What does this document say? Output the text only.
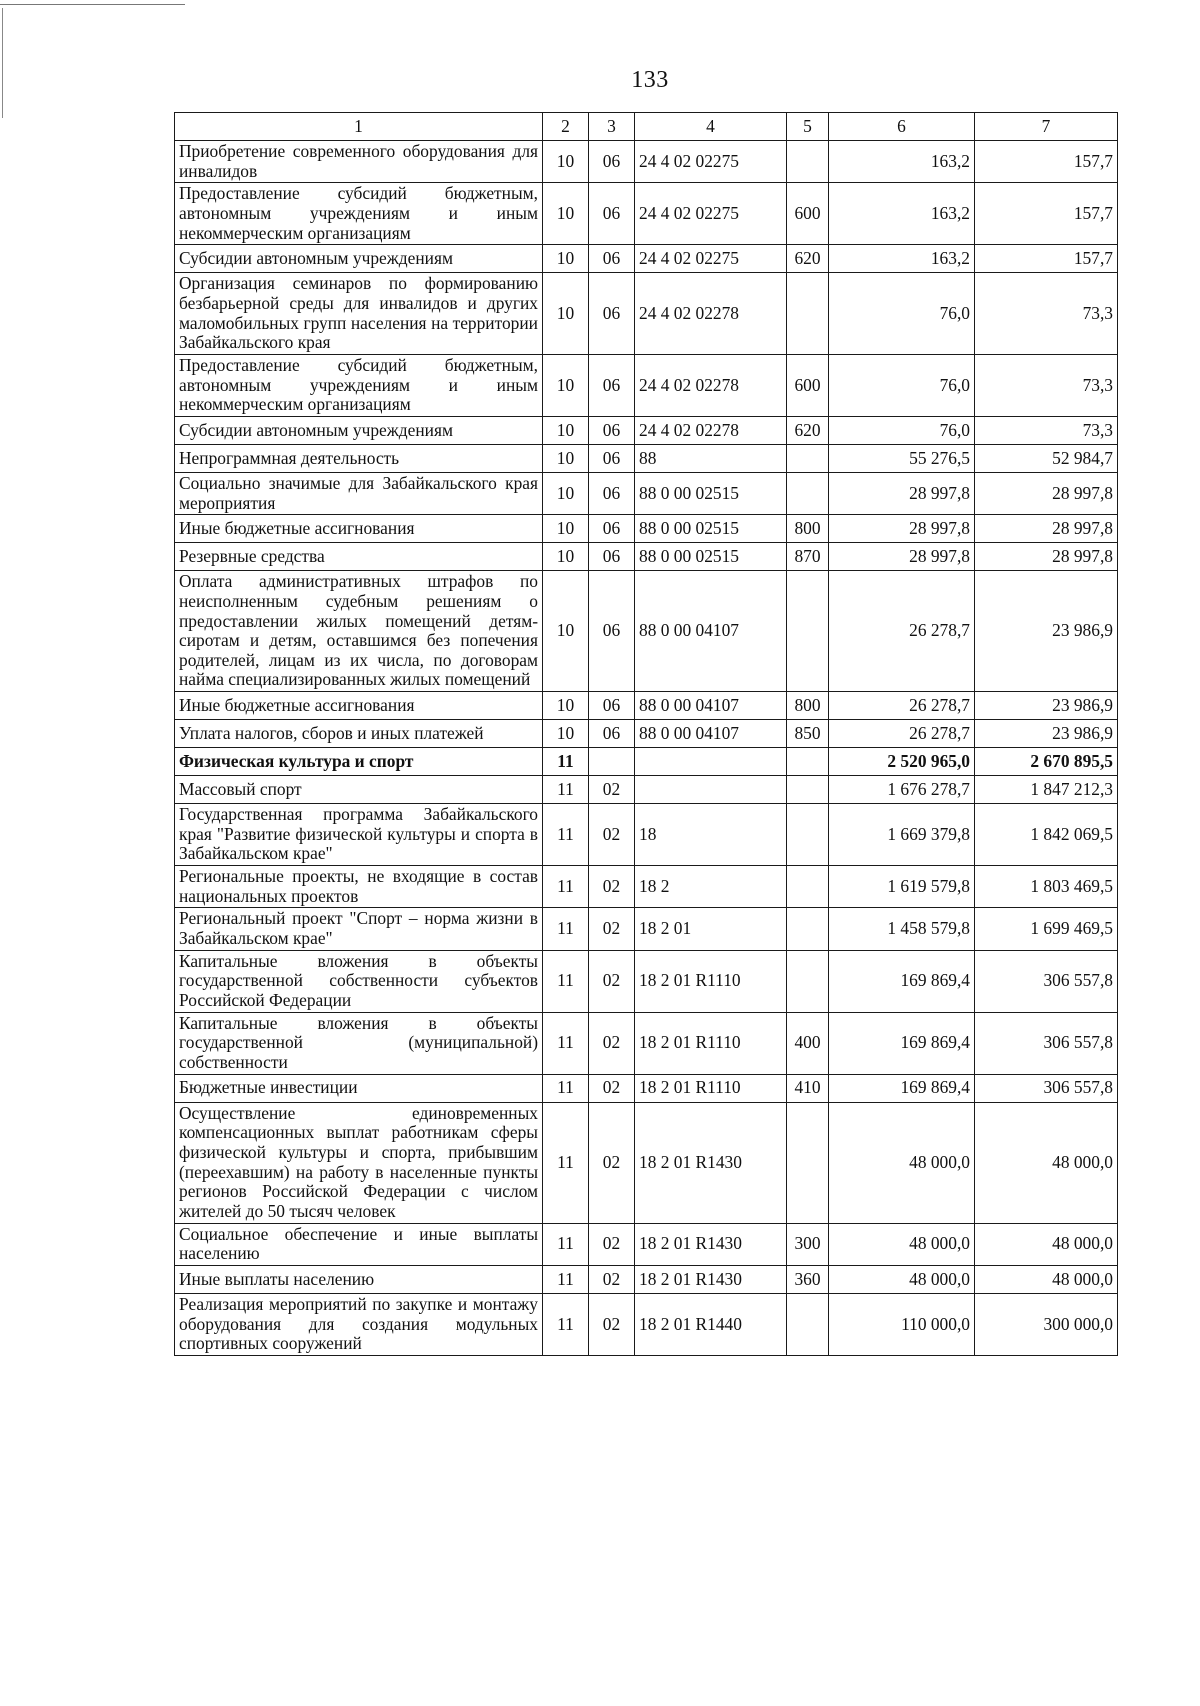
133
1	2	3	4	5	6	7
Приобретение современного оборудования для инвалидов	10	06	24 4 02 02275		163,2	157,7
Предоставление субсидий бюджетным, автономным учреждениям и иным некоммерческим организациям	10	06	24 4 02 02275	600	163,2	157,7
Субсидии автономным учреждениям	10	06	24 4 02 02275	620	163,2	157,7
Организация семинаров по формированию безбарьерной среды для инвалидов и других маломобильных групп населения на территории Забайкальского края	10	06	24 4 02 02278		76,0	73,3
Предоставление субсидий бюджетным, автономным учреждениям и иным некоммерческим организациям	10	06	24 4 02 02278	600	76,0	73,3
Субсидии автономным учреждениям	10	06	24 4 02 02278	620	76,0	73,3
Непрограммная деятельность	10	06	88		55 276,5	52 984,7
Социально значимые для Забайкальского края мероприятия	10	06	88 0 00 02515		28 997,8	28 997,8
Иные бюджетные ассигнования	10	06	88 0 00 02515	800	28 997,8	28 997,8
Резервные средства	10	06	88 0 00 02515	870	28 997,8	28 997,8
Оплата административных штрафов по неисполненным судебным решениям о предоставлении жилых помещений детям-сиротам и детям, оставшимся без попечения родителей, лицам из их числа, по договорам найма специализированных жилых помещений	10	06	88 0 00 04107		26 278,7	23 986,9
Иные бюджетные ассигнования	10	06	88 0 00 04107	800	26 278,7	23 986,9
Уплата налогов, сборов и иных платежей	10	06	88 0 00 04107	850	26 278,7	23 986,9
Физическая культура и спорт	11				2 520 965,0	2 670 895,5
Массовый спорт	11	02			1 676 278,7	1 847 212,3
Государственная программа Забайкальского края "Развитие физической культуры и спорта в Забайкальском крае"	11	02	18		1 669 379,8	1 842 069,5
Региональные проекты, не входящие в состав национальных проектов	11	02	18 2		1 619 579,8	1 803 469,5
Региональный проект "Спорт – норма жизни в Забайкальском крае"	11	02	18 2 01		1 458 579,8	1 699 469,5
Капитальные вложения в объекты государственной собственности субъектов Российской Федерации	11	02	18 2 01 R1110		169 869,4	306 557,8
Капитальные вложения в объекты государственной (муниципальной) собственности	11	02	18 2 01 R1110	400	169 869,4	306 557,8
Бюджетные инвестиции	11	02	18 2 01 R1110	410	169 869,4	306 557,8
Осуществление единовременных компенсационных выплат работникам сферы физической культуры и спорта, прибывшим (переехавшим) на работу в населенные пункты регионов Российской Федерации с числом жителей до 50 тысяч человек	11	02	18 2 01 R1430		48 000,0	48 000,0
Социальное обеспечение и иные выплаты населению	11	02	18 2 01 R1430	300	48 000,0	48 000,0
Иные выплаты населению	11	02	18 2 01 R1430	360	48 000,0	48 000,0
Реализация мероприятий по закупке и монтажу оборудования для создания модульных спортивных сооружений	11	02	18 2 01 R1440		110 000,0	300 000,0
